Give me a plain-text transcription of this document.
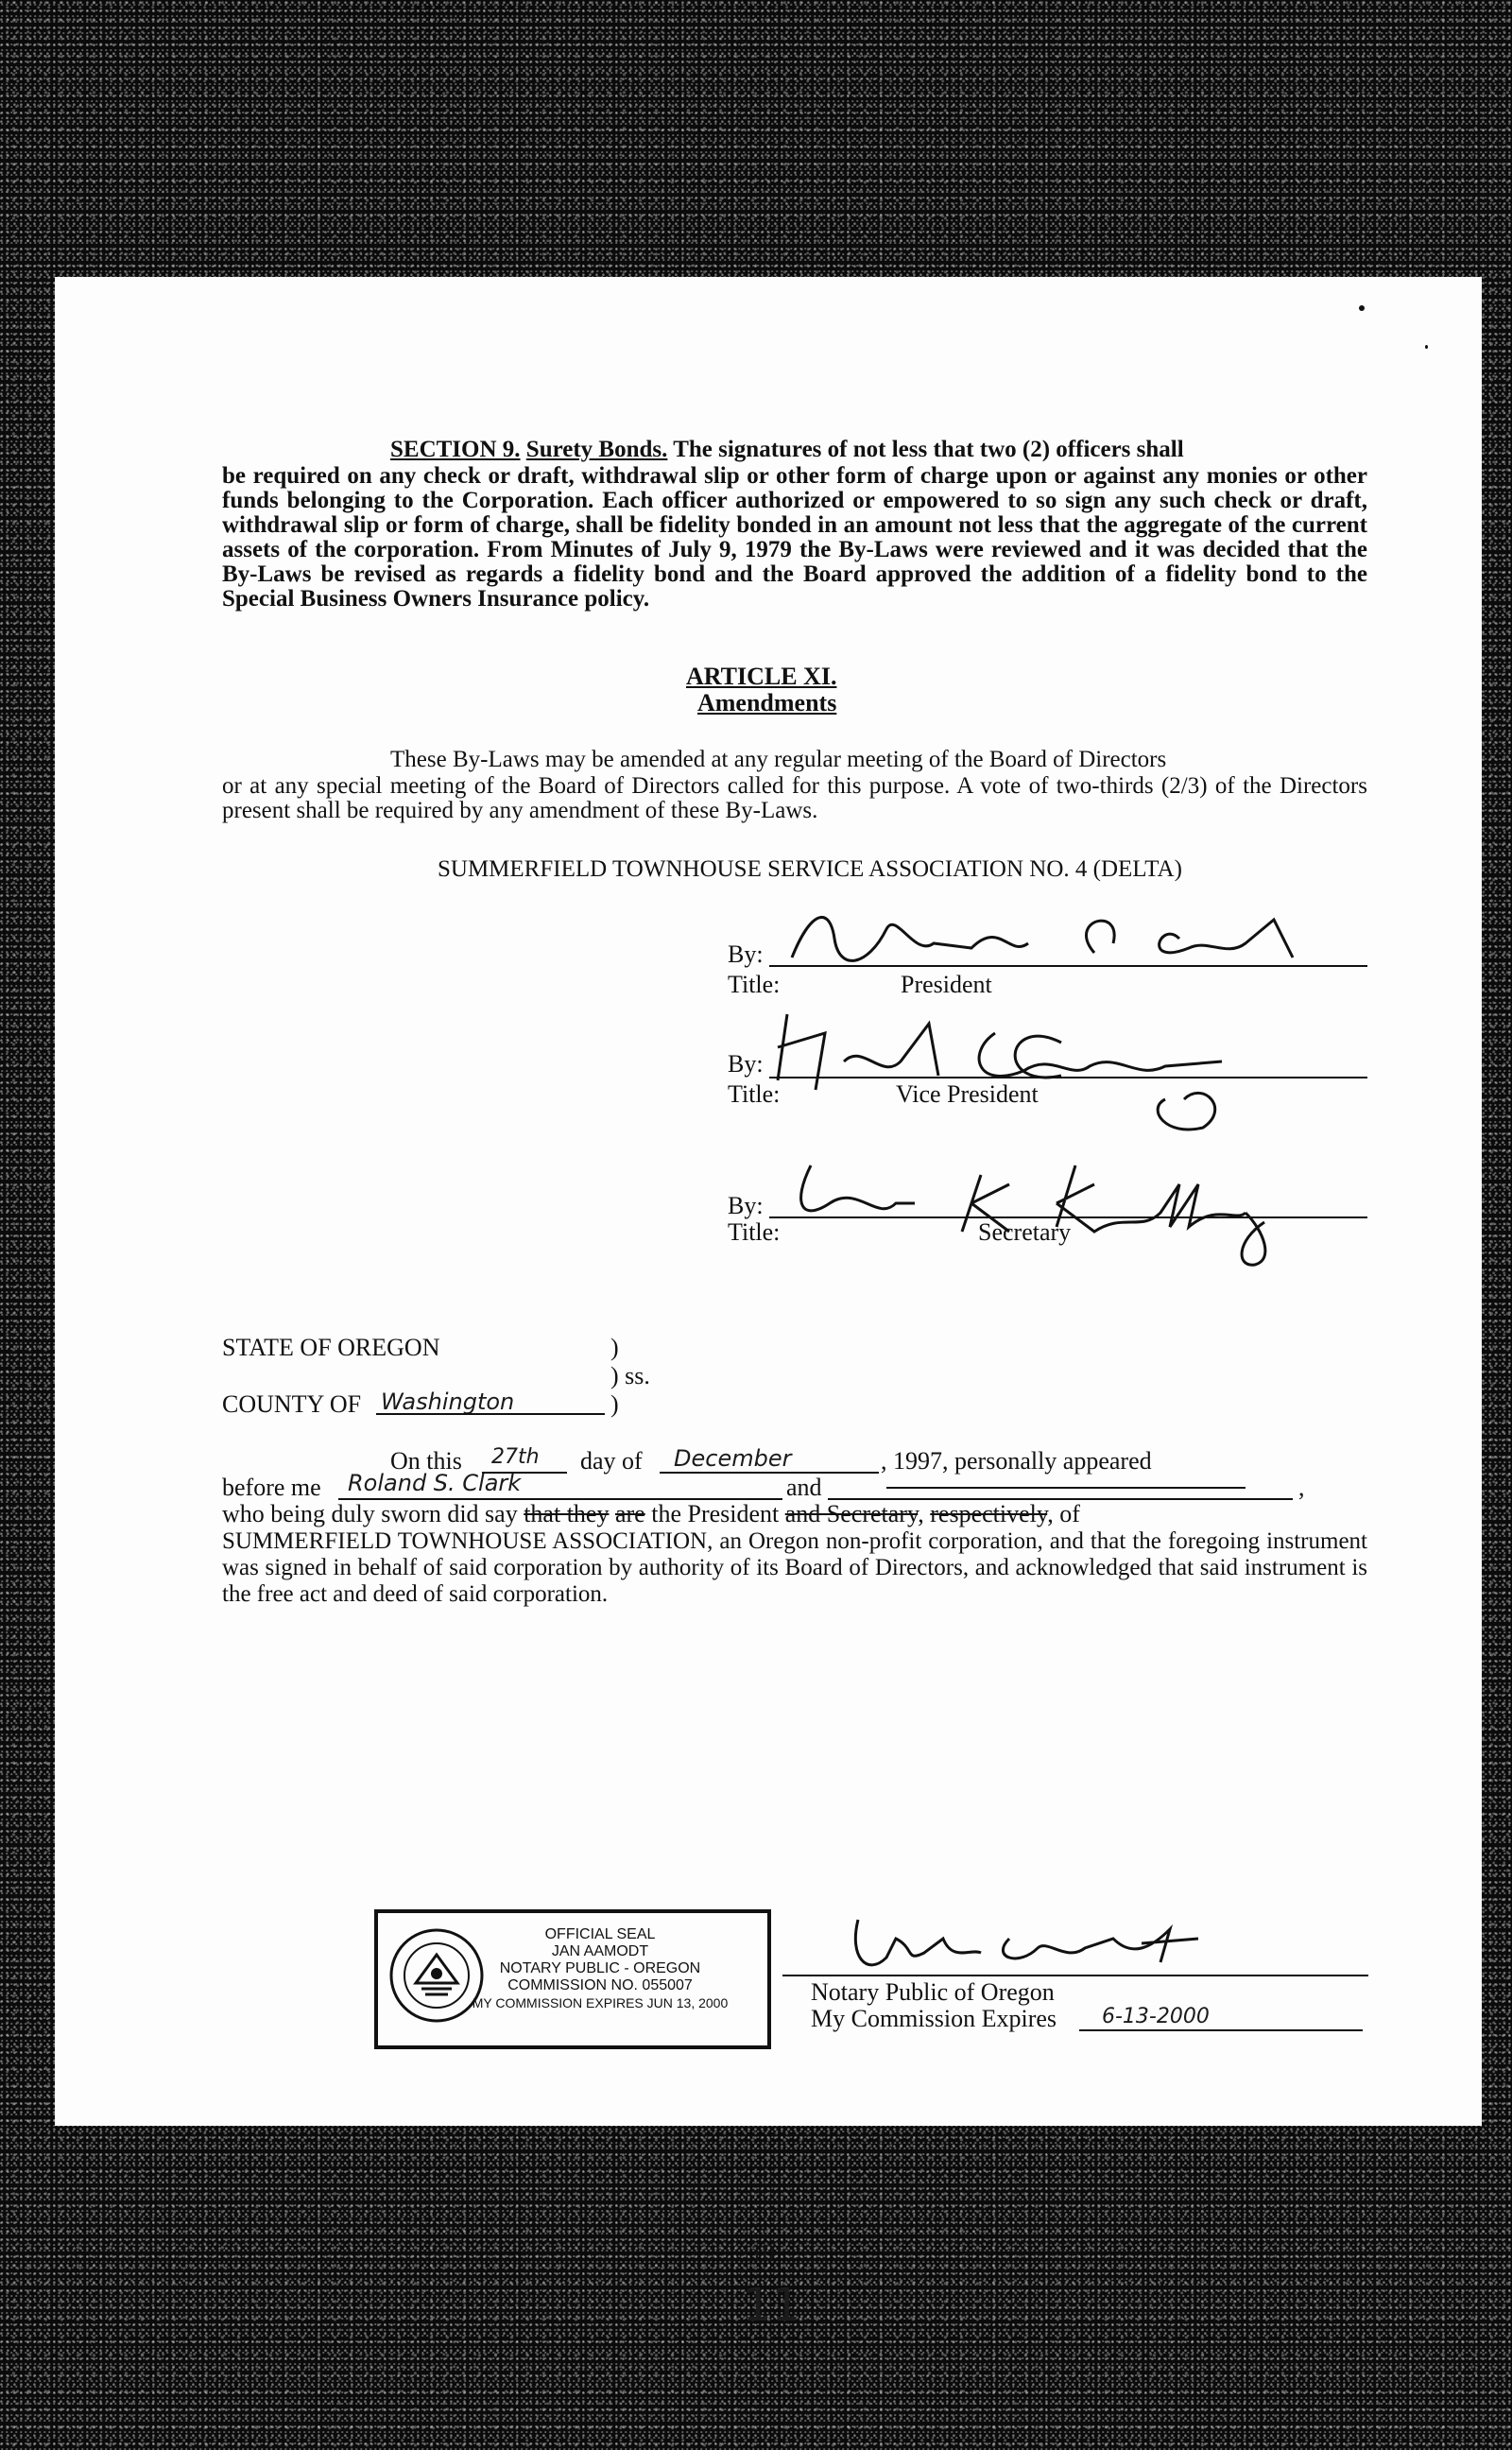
SECTION 9. Surety Bonds. The signatures of not less that two (2) officers shall
be required on any check or draft, withdrawal slip or other form of charge upon or against any monies or other funds belonging to the Corporation. Each officer authorized or empowered to so sign any such check or draft, withdrawal slip or form of charge, shall be fidelity bonded in an amount not less that the aggregate of the current assets of the corporation. From Minutes of July 9, 1979 the By-Laws were reviewed and it was decided that the By-Laws be revised as regards a fidelity bond and the Board approved the addition of a fidelity bond to the Special Business Owners Insurance policy.
ARTICLE XI.
Amendments
These By-Laws may be amended at any regular meeting of the Board of Directors
or at any special meeting of the Board of Directors called for this purpose. A vote of two-thirds (2/3) of the Directors present shall be required by any amendment of these By-Laws.
SUMMERFIELD TOWNHOUSE SERVICE ASSOCIATION NO. 4 (DELTA)
By:
Title:	President
By:
Title:	Vice President
By:
Title:	Secretary
STATE OF OREGON	)
) ss.
COUNTY OF Washington	)
On this 27th day of December	, 1997, personally appeared
before me Roland S. Clark	and	,
who being duly sworn did say that they are the President and Secretary, respectively, of
SUMMERFIELD TOWNHOUSE ASSOCIATION, an Oregon non-profit corporation, and that the foregoing instrument was signed in behalf of said corporation by authority of its Board of Directors, and acknowledged that said instrument is the free act and deed of said corporation.
OFFICIAL SEAL
JAN AAMODT
NOTARY PUBLIC - OREGON
COMMISSION NO. 055007
MY COMMISSION EXPIRES JUN 13, 2000	Notary Public of Oregon
My Commission Expires 6-13-2000
10
11
